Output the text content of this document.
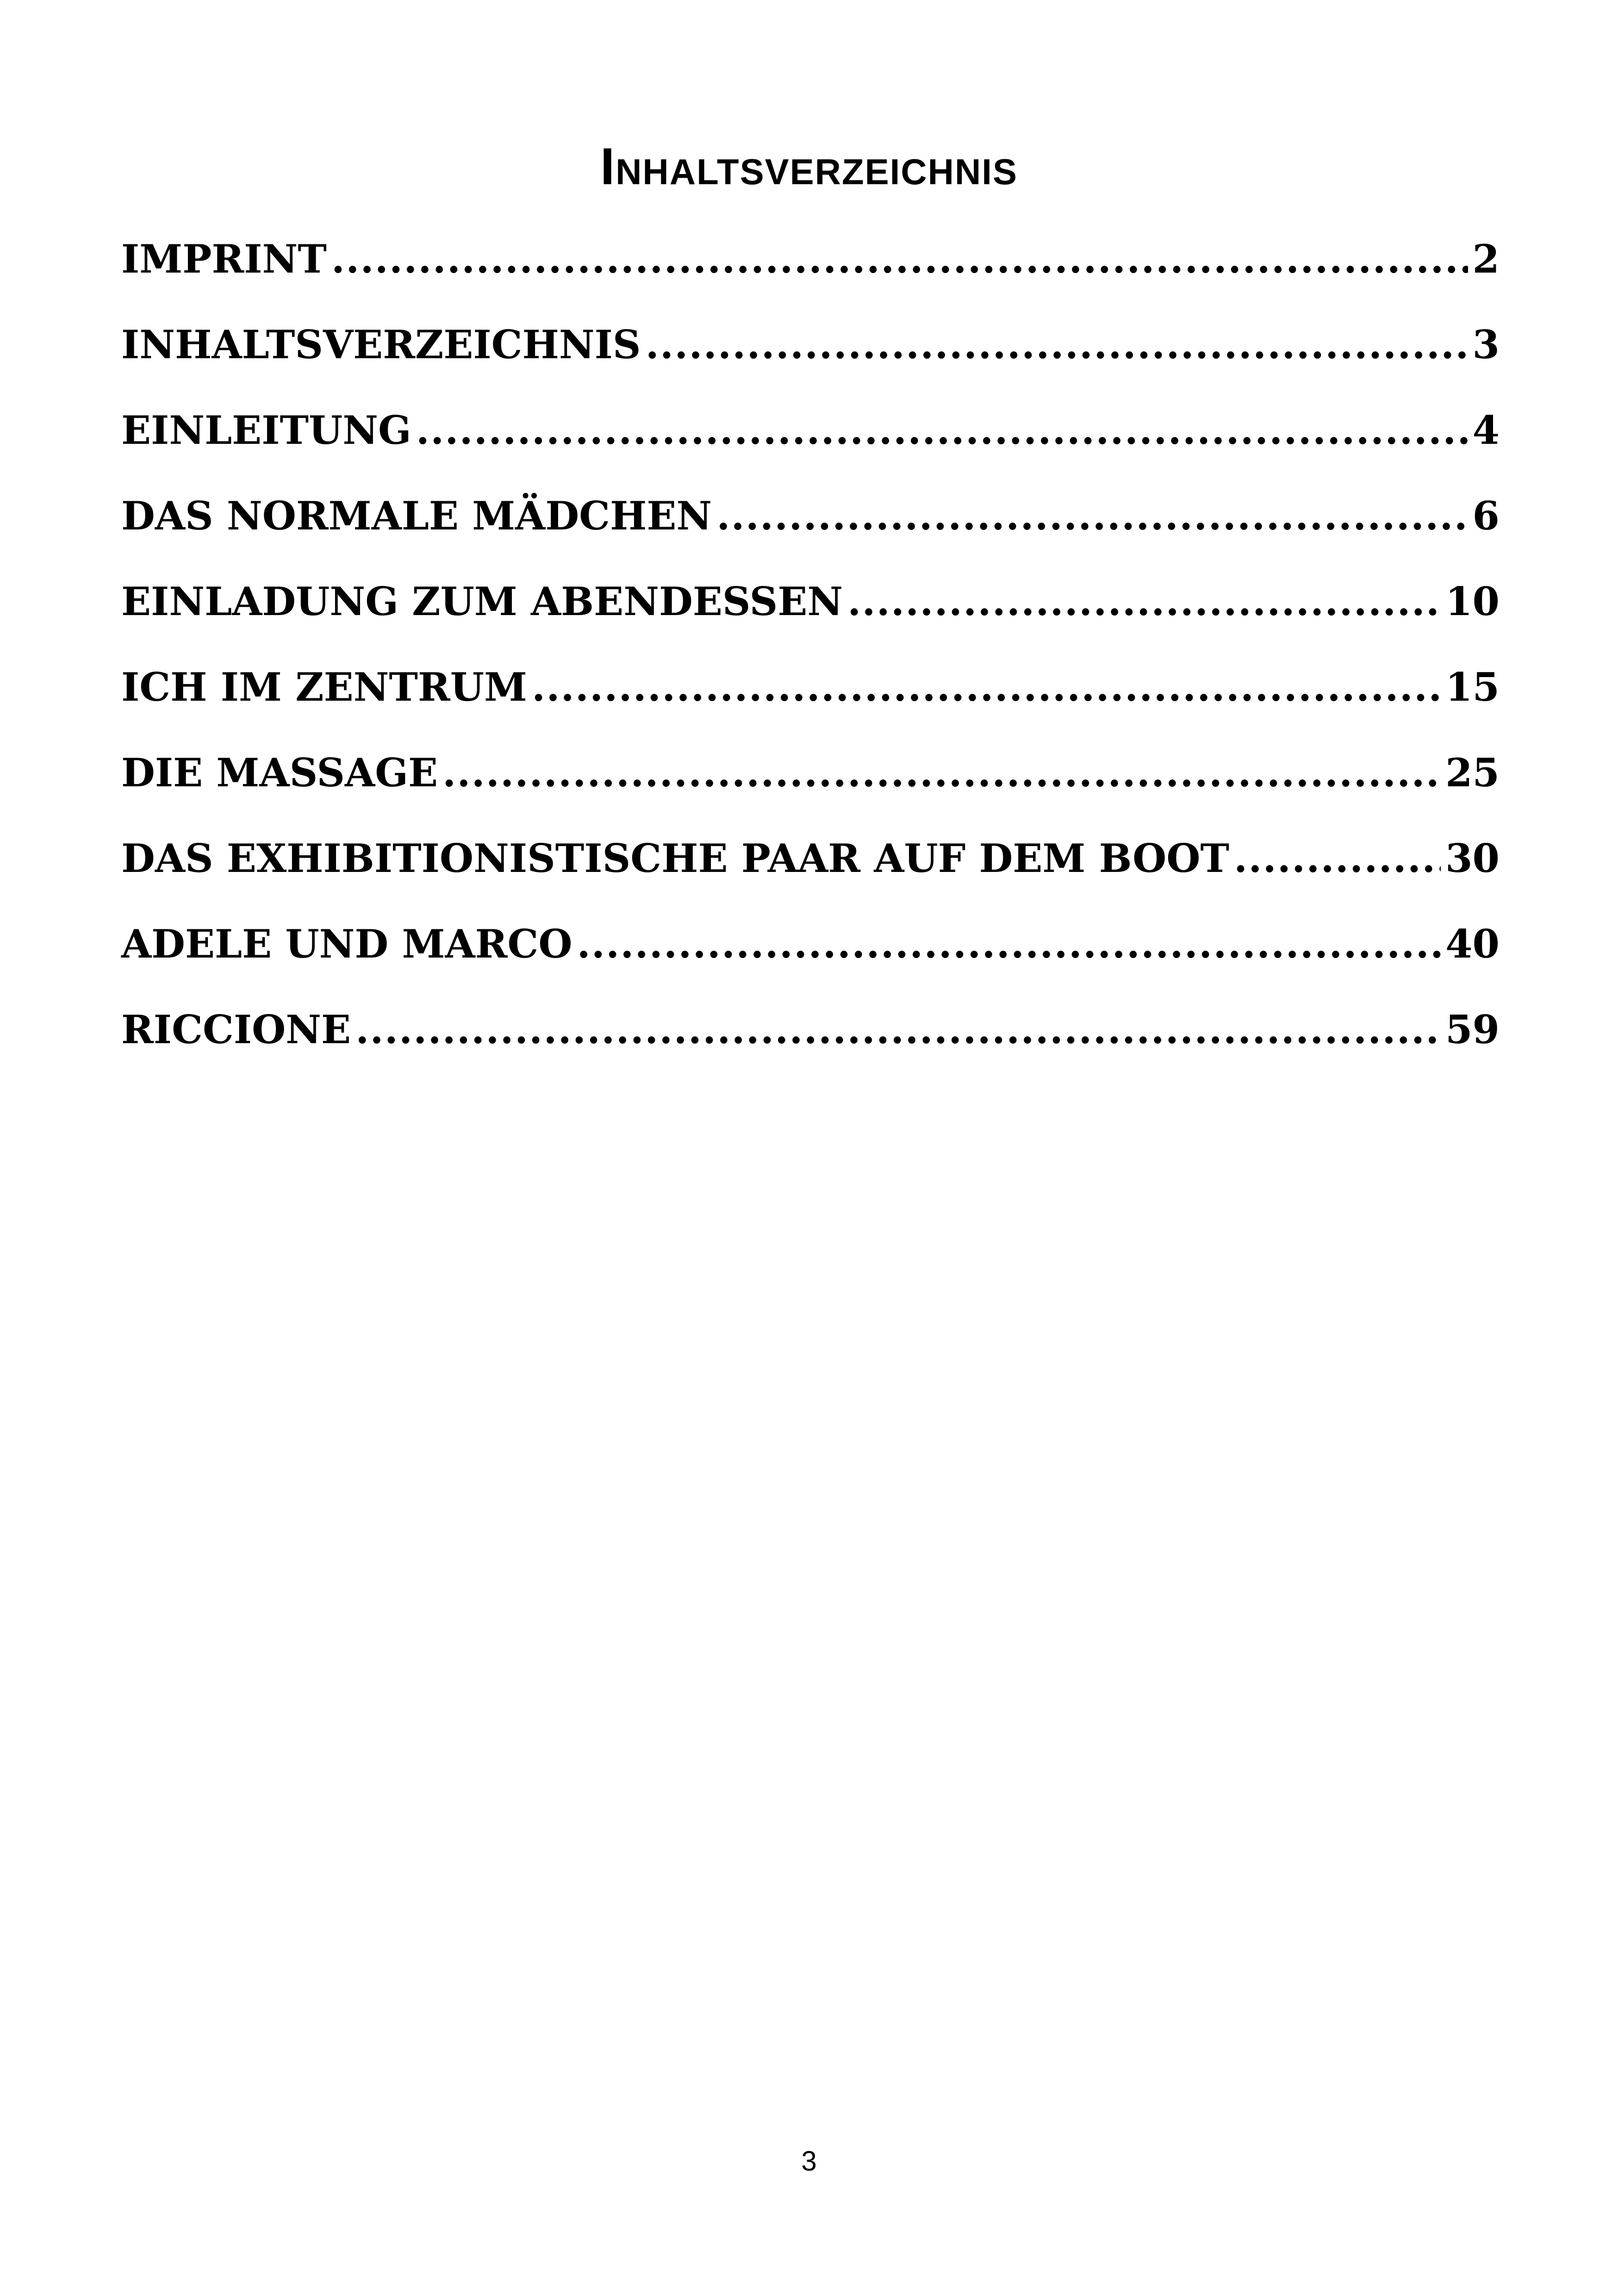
Inhaltsverzeichnis
IMPRINT .....	2
INHALTSVERZEICHNIS .....	3
EINLEITUNG .....	4
DAS NORMALE MÄDCHEN .....	6
EINLADUNG ZUM ABENDESSEN .....	10
ICH IM ZENTRUM .....	15
DIE MASSAGE .....	25
DAS EXHIBITIONISTISCHE PAAR AUF DEM BOOT .....	30
ADELE UND MARCO .....	40
RICCIONE .....	59
3
